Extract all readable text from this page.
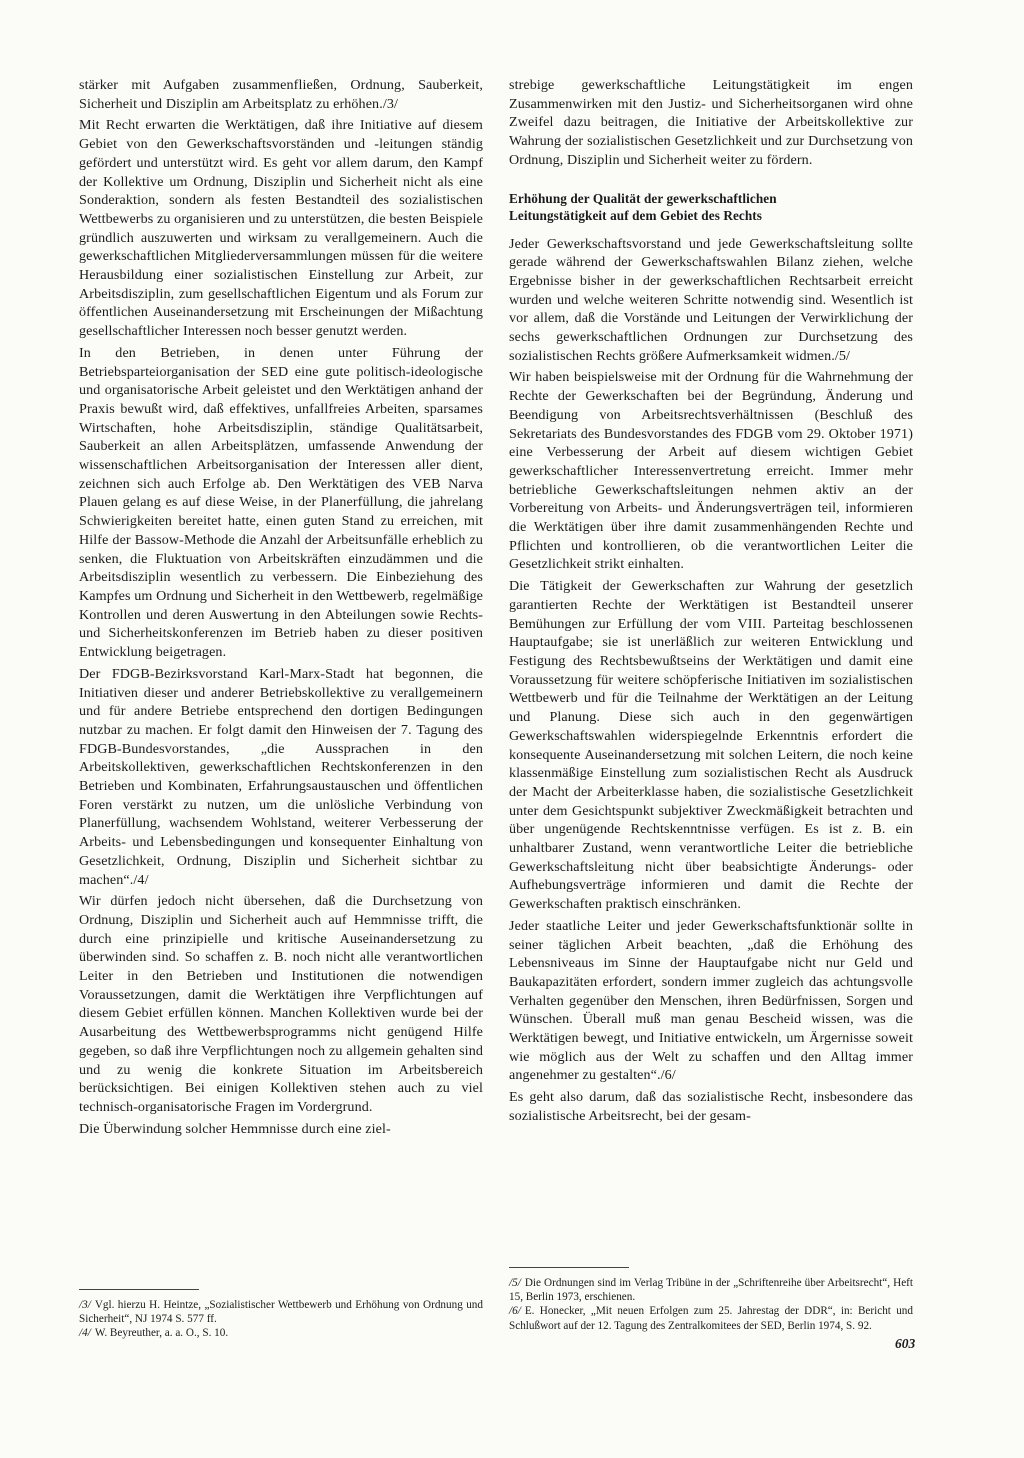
stärker mit Aufgaben zusammenfließen, Ordnung, Sauberkeit, Sicherheit und Disziplin am Arbeitsplatz zu erhöhen./3/

Mit Recht erwarten die Werktätigen, daß ihre Initiative auf diesem Gebiet von den Gewerkschaftsvorständen und -leitungen ständig gefördert und unterstützt wird. Es geht vor allem darum, den Kampf der Kollektive um Ordnung, Disziplin und Sicherheit nicht als eine Sonderaktion, sondern als festen Bestandteil des sozialistischen Wettbewerbs zu organisieren und zu unterstützen, die besten Beispiele gründlich auszuwerten und wirksam zu verallgemeinern. Auch die gewerkschaftlichen Mitgliederversammlungen müssen für die weitere Herausbildung einer sozialistischen Einstellung zur Arbeit, zur Arbeitsdisziplin, zum gesellschaftlichen Eigentum und als Forum zur öffentlichen Auseinandersetzung mit Erscheinungen der Mißachtung gesellschaftlicher Interessen noch besser genutzt werden.

In den Betrieben, in denen unter Führung der Betriebsparteiorganisation der SED eine gute politisch-ideologische und organisatorische Arbeit geleistet und den Werktätigen anhand der Praxis bewußt wird, daß effektives, unfallfreies Arbeiten, sparsames Wirtschaften, hohe Arbeitsdisziplin, ständige Qualitätsarbeit, Sauberkeit an allen Arbeitsplätzen, umfassende Anwendung der wissenschaftlichen Arbeitsorganisation der Interessen aller dient, zeichnen sich auch Erfolge ab. Den Werktätigen des VEB Narva Plauen gelang es auf diese Weise, in der Planerfüllung, die jahrelang Schwierigkeiten bereitet hatte, einen guten Stand zu erreichen, mit Hilfe der Bassow-Methode die Anzahl der Arbeitsunfälle erheblich zu senken, die Fluktuation von Arbeitskräften einzudämmen und die Arbeitsdisziplin wesentlich zu verbessern. Die Einbeziehung des Kampfes um Ordnung und Sicherheit in den Wettbewerb, regelmäßige Kontrollen und deren Auswertung in den Abteilungen sowie Rechts- und Sicherheitskonferenzen im Betrieb haben zu dieser positiven Entwicklung beigetragen.

Der FDGB-Bezirksvorstand Karl-Marx-Stadt hat begonnen, die Initiativen dieser und anderer Betriebskollektive zu verallgemeinern und für andere Betriebe entsprechend den dortigen Bedingungen nutzbar zu machen. Er folgt damit den Hinweisen der 7. Tagung des FDGB-Bundesvorstandes, „die Aussprachen in den Arbeitskollektiven, gewerkschaftlichen Rechtskonferenzen in den Betrieben und Kombinaten, Erfahrungsaustauschen und öffentlichen Foren verstärkt zu nutzen, um die unlösliche Verbindung von Planerfüllung, wachsendem Wohlstand, weiterer Verbesserung der Arbeits- und Lebensbedingungen und konsequenter Einhaltung von Gesetzlichkeit, Ordnung, Disziplin und Sicherheit sichtbar zu machen“./4/

Wir dürfen jedoch nicht übersehen, daß die Durchsetzung von Ordnung, Disziplin und Sicherheit auch auf Hemmnisse trifft, die durch eine prinzipielle und kritische Auseinandersetzung zu überwinden sind. So schaffen z. B. noch nicht alle verantwortlichen Leiter in den Betrieben und Institutionen die notwendigen Voraussetzungen, damit die Werktätigen ihre Verpflichtungen auf diesem Gebiet erfüllen können. Manchen Kollektiven wurde bei der Ausarbeitung des Wettbewerbsprogramms nicht genügend Hilfe gegeben, so daß ihre Verpflichtungen noch zu allgemein gehalten sind und zu wenig die konkrete Situation im Arbeitsbereich berücksichtigen. Bei einigen Kollektiven stehen auch zu viel technisch-organisatorische Fragen im Vordergrund.

Die Überwindung solcher Hemmnisse durch eine ziel-

/3/ Vgl. hierzu H. Heintze, „Sozialistischer Wettbewerb und Erhöhung von Ordnung und Sicherheit“, NJ 1974 S. 577 ff.

/4/ W. Beyreuther, a. a. O., S. 10.

strebige gewerkschaftliche Leitungstätigkeit im engen Zusammenwirken mit den Justiz- und Sicherheitsorganen wird ohne Zweifel dazu beitragen, die Initiative der Arbeitskollektive zur Wahrung der sozialistischen Gesetzlichkeit und zur Durchsetzung von Ordnung, Disziplin und Sicherheit weiter zu fördern.

Erhöhung der Qualität der gewerkschaftlichen
Leitungstätigkeit auf dem Gebiet des Rechts

Jeder Gewerkschaftsvorstand und jede Gewerkschaftsleitung sollte gerade während der Gewerkschaftswahlen Bilanz ziehen, welche Ergebnisse bisher in der gewerkschaftlichen Rechtsarbeit erreicht wurden und welche weiteren Schritte notwendig sind. Wesentlich ist vor allem, daß die Vorstände und Leitungen der Verwirklichung der sechs gewerkschaftlichen Ordnungen zur Durchsetzung des sozialistischen Rechts größere Aufmerksamkeit widmen./5/

Wir haben beispielsweise mit der Ordnung für die Wahrnehmung der Rechte der Gewerkschaften bei der Begründung, Änderung und Beendigung von Arbeitsrechtsverhältnissen (Beschluß des Sekretariats des Bundesvorstandes des FDGB vom 29. Oktober 1971) eine Verbesserung der Arbeit auf diesem wichtigen Gebiet gewerkschaftlicher Interessenvertretung erreicht. Immer mehr betriebliche Gewerkschaftsleitungen nehmen aktiv an der Vorbereitung von Arbeits- und Änderungsverträgen teil, informieren die Werktätigen über ihre damit zusammenhängenden Rechte und Pflichten und kontrollieren, ob die verantwortlichen Leiter die Gesetzlichkeit strikt einhalten.

Die Tätigkeit der Gewerkschaften zur Wahrung der gesetzlich garantierten Rechte der Werktätigen ist Bestandteil unserer Bemühungen zur Erfüllung der vom VIII. Parteitag beschlossenen Hauptaufgabe; sie ist unerläßlich zur weiteren Entwicklung und Festigung des Rechtsbewußtseins der Werktätigen und damit eine Voraussetzung für weitere schöpferische Initiativen im sozialistischen Wettbewerb und für die Teilnahme der Werktätigen an der Leitung und Planung. Diese sich auch in den gegenwärtigen Gewerkschaftswahlen widerspiegelnde Erkenntnis erfordert die konsequente Auseinandersetzung mit solchen Leitern, die noch keine klassenmäßige Einstellung zum sozialistischen Recht als Ausdruck der Macht der Arbeiterklasse haben, die sozialistische Gesetzlichkeit unter dem Gesichtspunkt subjektiver Zweckmäßigkeit betrachten und über ungenügende Rechtskenntnisse verfügen. Es ist z. B. ein unhaltbarer Zustand, wenn verantwortliche Leiter die betriebliche Gewerkschaftsleitung nicht über beabsichtigte Änderungs- oder Aufhebungsverträge informieren und damit die Rechte der Gewerkschaften praktisch einschränken.

Jeder staatliche Leiter und jeder Gewerkschaftsfunktionär sollte in seiner täglichen Arbeit beachten, „daß die Erhöhung des Lebensniveaus im Sinne der Hauptaufgabe nicht nur Geld und Baukapazitäten erfordert, sondern immer zugleich das achtungsvolle Verhalten gegenüber den Menschen, ihren Bedürfnissen, Sorgen und Wünschen. Überall muß man genau Bescheid wissen, was die Werktätigen bewegt, und Initiative entwickeln, um Ärgernisse soweit wie möglich aus der Welt zu schaffen und den Alltag immer angenehmer zu gestalten“./6/

Es geht also darum, daß das sozialistische Recht, insbesondere das sozialistische Arbeitsrecht, bei der gesam-

/5/ Die Ordnungen sind im Verlag Tribüne in der „Schriftenreihe über Arbeitsrecht“, Heft 15, Berlin 1973, erschienen.

/6/ E. Honecker, „Mit neuen Erfolgen zum 25. Jahrestag der DDR“, in: Bericht und Schlußwort auf der 12. Tagung des Zentralkomitees der SED, Berlin 1974, S. 92.

603
